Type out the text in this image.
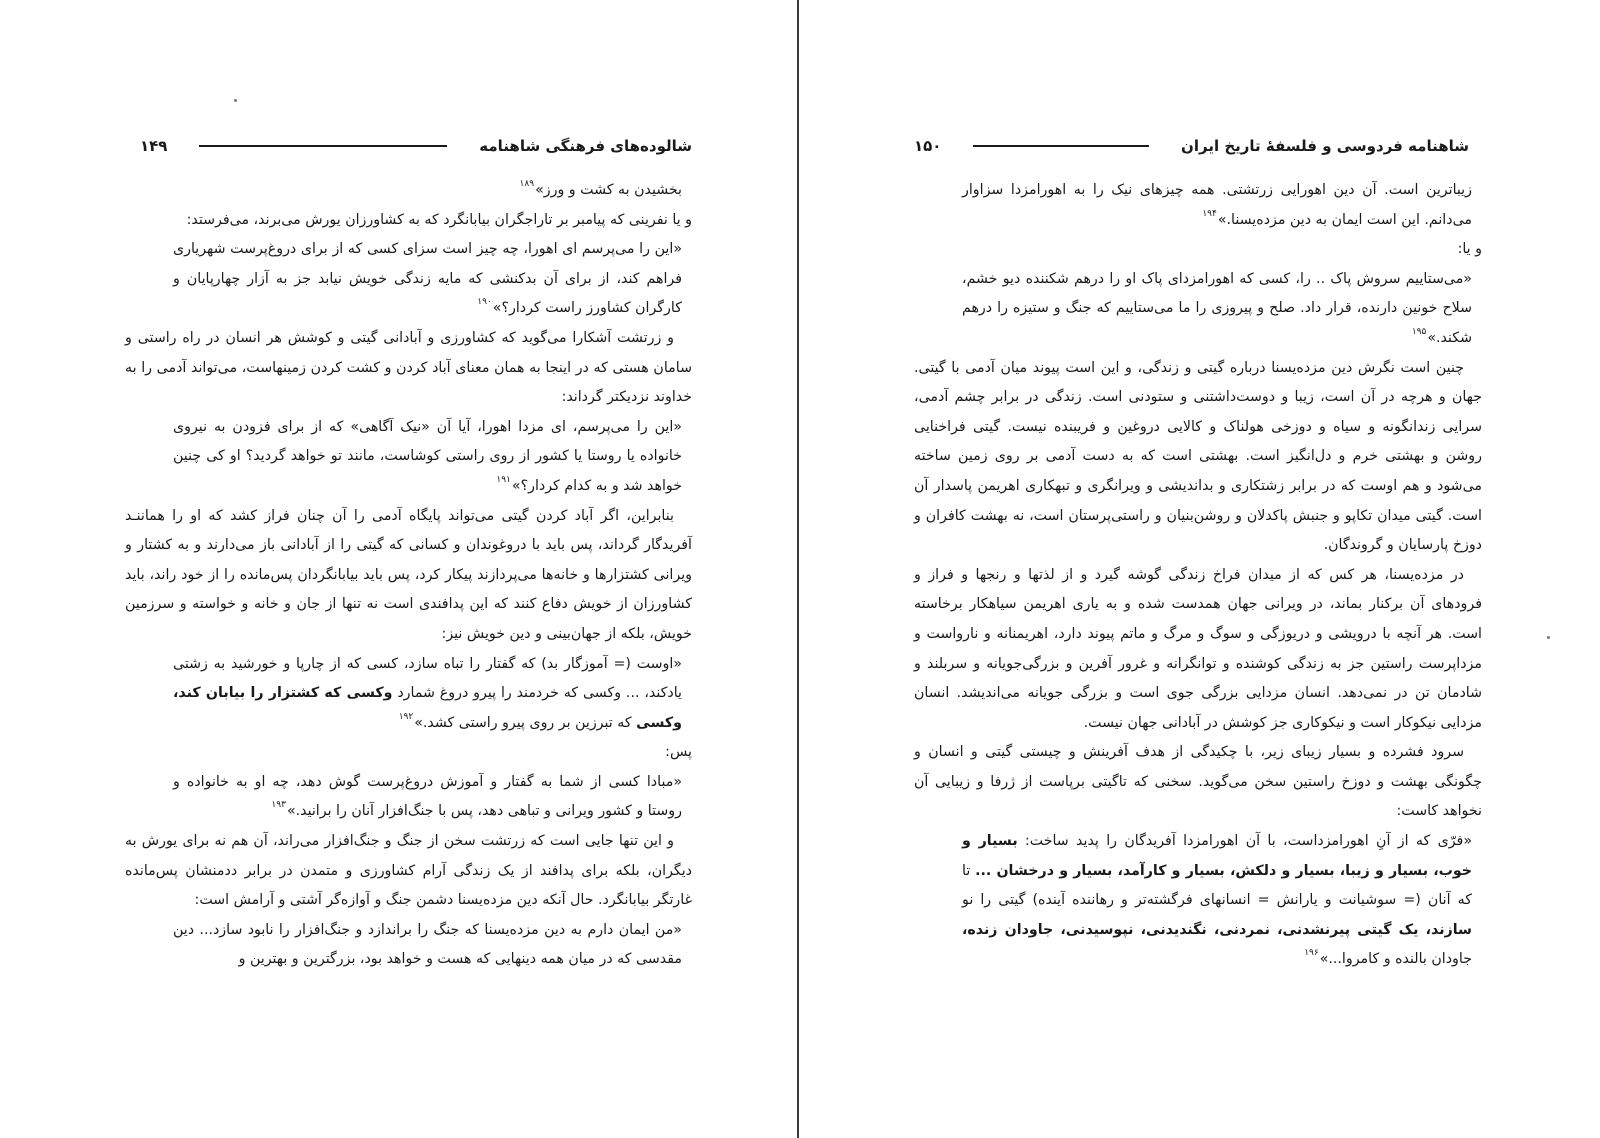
شالوده‌های فرهنگی شاهنامه
۱۴۹

بخشیدن به کشت و ورز»$^{۱۸۹}$

و یا نفرینی که پیامبر بر تاراجگران بیابانگرد که به کشاورزان یورش می‌برند، می‌فرستد:

«این را می‌پرسم ای اهورا، چه چیز است سزای کسی که از برای دروغ‌پرست شهریاری فراهم کند، از برای آن بدکنشی که مایه زندگی خویش نیابد جز به آزار چهارپایان و کارگران کشاورز راست کردار؟»$^{۱۹۰}$

و زرتشت آشکارا می‌گوید که کشاورزی و آبادانی گیتی و کوشش هر انسان در راه راستی و سامان هستی که در اینجا به همان معنای آباد کردن و کشت کردن زمینهاست، می‌تواند آدمی را به خداوند نزدیکتر گرداند:

«این را می‌پرسم، ای مزدا اهورا، آیا آن «نیک آگاهی» که از برای فزودن به نیروی خانواده یا روستا یا کشور از روی راستی کوشاست، مانند تو خواهد گردید؟ او کی چنین خواهد شد و به کدام کردار؟»$^{۱۹۱}$

بنابراین، اگر آباد کردن گیتی می‌تواند پایگاه آدمی را آن چنان فراز کشد که او را هماننـد آفریدگار گرداند، پس باید با دروغوندان و کسانی که گیتی را از آبادانی باز می‌دارند و به کشتار و ویرانی کشتزارها و خانه‌ها می‌پردازند پیکار کرد، پس باید بیابانگردان پس‌مانده را از خود راند، باید کشاورزان از خویش دفاع کنند که این پدافندی است نه تنها از جان و خانه و خواسته و سرزمین خویش، بلکه از جهان‌بینی و دین خویش نیز:

«اوست (= آموزگار بد) که گفتار را تباه سازد، کسی که از چارپا و خورشید به زشتی یادکند، ... وکسی که خردمند را پیرو دروغ شمارد وکسی که کشتزار را بیابان کند، وکسی که تبرزین بر روی پیرو راستی کشد.»$^{۱۹۲}$

پس:

«مبادا کسی از شما به گفتار و آموزش دروغ‌پرست گوش دهد، چه او به خانواده و روستا و کشور ویرانی و تباهی دهد، پس با جنگ‌افزار آنان را برانید.»$^{۱۹۳}$

و این تنها جایی است که زرتشت سخن از جنگ و جنگ‌افزار می‌راند، آن هم نه برای یورش به دیگران، بلکه برای پدافند از یک زندگی آرام کشاورزی و متمدن در برابر ددمنشان پس‌مانده غارتگر بیابانگرد. حال آنکه دین مزده‌یسنا دشمن جنگ و آوازه‌گر آشتی و آرامش است:

«من ایمان دارم به دین مزده‌یسنا که جنگ را براندازد و جنگ‌افزار را نابود سازد... دین مقدسی که در میان همه دینهایی که هست و خواهد بود، بزرگترین و بهترین و

شاهنامه فردوسی و فلسفهٔ تاریخ ایران
۱۵۰

زیباترین است. آن دین اهورایی زرتشتی. همه چیزهای نیک را به اهورامزدا سزاوار می‌دانم. این است ایمان به دین مزده‌یسنا.»$^{۱۹۴}$

و یا:

«می‌ستاییم سروش پاک .. را، کسی که اهورامزدای پاک او را درهم شکننده دیو خشم، سلاح خونین دارنده، قرار داد. صلح و پیروزی را ما می‌ستاییم که جنگ و ستیزه را درهم شکند.»$^{۱۹۵}$

چنین است نگرش دین مزده‌یسنا درباره گیتی و زندگی، و این است پیوند میان آدمی با گیتی. جهان و هرچه در آن است، زیبا و دوست‌داشتنی و ستودنی است. زندگی در برابر چشم آدمی، سرایی زندانگونه و سیاه و دوزخی هولناک و کالایی دروغین و فریبنده نیست. گیتی فراخنایی روشن و بهشتی خرم و دل‌انگیز است. بهشتی است که به دست آدمی بر روی زمین ساخته می‌شود و هم اوست که در برابر زشتکاری و بداندیشی و ویرانگری و تبهکاری اهریمن پاسدار آن است. گیتی میدان تکاپو و جنبش پاکدلان و روشن‌بنیان و راستی‌پرستان است، نه بهشت کافران و دوزخ پارسایان و گروندگان.

در مزده‌یسنا، هر کس که از میدان فراخ زندگی گوشه گیرد و از لذتها و رنجها و فراز و فرودهای آن برکنار بماند، در ویرانی جهان همدست شده و به یاری اهریمن سیاهکار برخاسته است. هر آنچه با درویشی و دریوزگی و سوگ و مرگ و ماتم پیوند دارد، اهریمنانه و نارواست و مزداپرست راستین جز به زندگی کوشنده و توانگرانه و غرور آفرین و بزرگی‌جویانه و سربلند و شادمان تن در نمی‌دهد. انسان مزدایی بزرگی جوی است و بزرگی جویانه می‌اندیشد. انسان مزدایی نیکوکار است و نیکوکاری جز کوشش در آبادانی جهان نیست.

سرود فشرده و بسیار زیبای زیر، با چکیدگی از هدف آفرینش و چیستی گیتی و انسان و چگونگی بهشت و دوزخ راستین سخن می‌گوید. سخنی که تاگیتی برپاست از ژرفا و زیبایی آن نخواهد کاست:

«فرّی که از آنِ اهورامزداست، با آن اهورامزدا آفریدگان را پدید ساخت: بسیار و خوب، بسیار و زیبا، بسیار و دلکش، بسیار و کارآمد، بسیار و درخشان ... تا که آنان (= سوشیانت و یارانش = انسانهای فرگشته‌تر و رهاننده آینده) گیتی را نو سازند، یک گیتی پیرنشدنی، نمردنی، نگندیدنی، نپوسیدنی، جاودان زنده، جاودان بالنده و کامروا...»$^{۱۹۶}$
